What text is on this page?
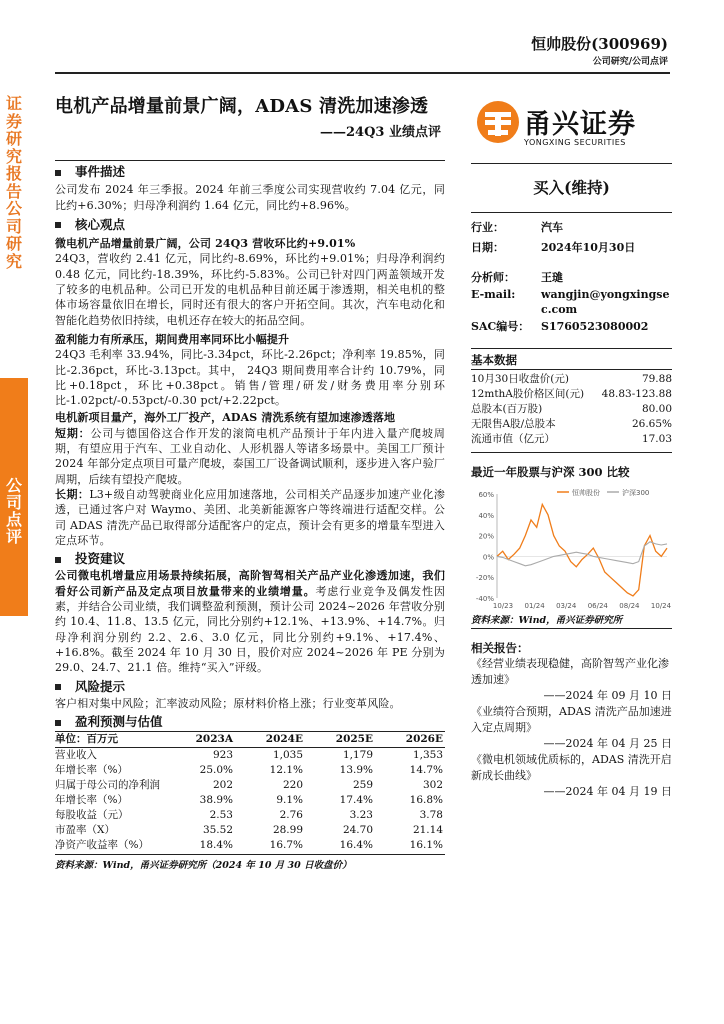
恒帅股份(300969)
公司研究/公司点评
证券研究报告 公司研究
公司点评
电机产品增量前景广阔，ADAS 清洗加速渗透
——24Q3 业绩点评	甬兴证券
YONGXING SECURITIES
事件描述
公司发布 2024 年三季报。2024 年前三季度公司实现营收约 7.04 亿元，同比约+6.30%；归母净利润约 1.64 亿元，同比约+8.96%。
核心观点
微电机产品增量前景广阔，公司 24Q3 营收环比约+9.01%
24Q3，营收约 2.41 亿元，同比约-8.69%，环比约+9.01%；归母净利润约 0.48 亿元，同比约-18.39%，环比约-5.83%。公司已针对四门两盖领域开发了较多的电机品种。公司已开发的电机品种目前还属于渗透期，相关电机的整体市场容量依旧在增长，同时还有很大的客户开拓空间。其次，汽车电动化和智能化趋势依旧持续，电机还存在较大的拓品空间。
盈利能力有所承压，期间费用率同环比小幅提升
24Q3 毛利率 33.94%，同比-3.34pct，环比-2.26pct；净利率 19.85%，同比-2.36pct，环比-3.13pct。其中， 24Q3 期间费用率合计约 10.79%，同比+0.18pct，环比+0.38pct。销售/管理/研发/财务费用率分别环比-1.02pct/-0.53pct/-0.30 pct/+2.22pct。
电机新项目量产，海外工厂投产，ADAS 清洗系统有望加速渗透落地
短期：公司与德国俗这合作开发的滚筒电机产品预计于年内进入量产爬坡周期，有望应用于汽车、工业自动化、人形机器人等诸多场景中。美国工厂预计 2024 年部分定点项目可量产爬坡，泰国工厂设备调试顺利，逐步进入客户验厂周期，后续有望投产爬坡。
长期：L3+级自动驾驶商业化应用加速落地，公司相关产品逐步加速产业化渗透，已通过客户对 Waymo、美团、北美新能源客户等终端进行适配交样。公司 ADAS 清洗产品已取得部分适配客户的定点，预计会有更多的增量车型进入定点环节。
投资建议
公司微电机增量应用场景持续拓展，高阶智驾相关产品产业化渗透加速，我们看好公司新产品及定点项目放量带来的业绩增量。考虑行业竞争及偶发性因素，并结合公司业绩，我们调整盈利预测，预计公司 2024~2026 年营收分别约 10.4、11.8、13.5 亿元，同比分别约+12.1%、+13.9%、+14.7%。归母净利润分别约 2.2、2.6、3.0 亿元，同比分别约+9.1%、+17.4%、+16.8%。截至 2024 年 10 月 30 日，股价对应 2024~2026 年 PE 分别为 29.0、24.7、21.1 倍。维持“买入”评级。
风险提示
客户相对集中风险；汇率波动风险；原材料价格上涨；行业变革风险。
盈利预测与估值
单位：百万元	2023A	2024E	2025E	2026E
营业收入	923	1,035	1,179	1,353
年增长率（%）	25.0%	12.1%	13.9%	14.7%
归属于母公司的净利润	202	220	259	302
年增长率（%）	38.9%	9.1%	17.4%	16.8%
每股收益（元）	2.53	2.76	3.23	3.78
市盈率（X）	35.52	28.99	24.70	21.14
净资产收益率（%）	18.4%	16.7%	16.4%	16.1%
资料来源：Wind，甬兴证券研究所（2024 年 10 月 30 日收盘价）
买入(维持)
行业：	汽车
日期：	2024年10月30日
分析师：	王璡
E-mail:	wangjin@yongxingsec.com
SAC编号：	S1760523080002
基本数据
10月30日收盘价(元)	79.88
12mthA股价格区间(元) 48.83-123.88
总股本(百万股)	80.00
无限售A股/总股本	26.65%
流通市值（亿元）	17.03
最近一年股票与沪深 300 比较
60%
40%
20%
0%
-20%
-40%
10/23 01/24 03/24 06/24 08/24 10/24
恒帅股份	沪深300
资料来源：Wind，甬兴证券研究所
相关报告：
《经营业绩表现稳健，高阶智驾产业化渗透加速》
——2024 年 09 月 10 日
《业绩符合预期，ADAS 清洗产品加速进入定点周期》
——2024 年 04 月 25 日
《微电机领域优质标的，ADAS 清洗开启新成长曲线》
——2024 年 04 月 19 日
